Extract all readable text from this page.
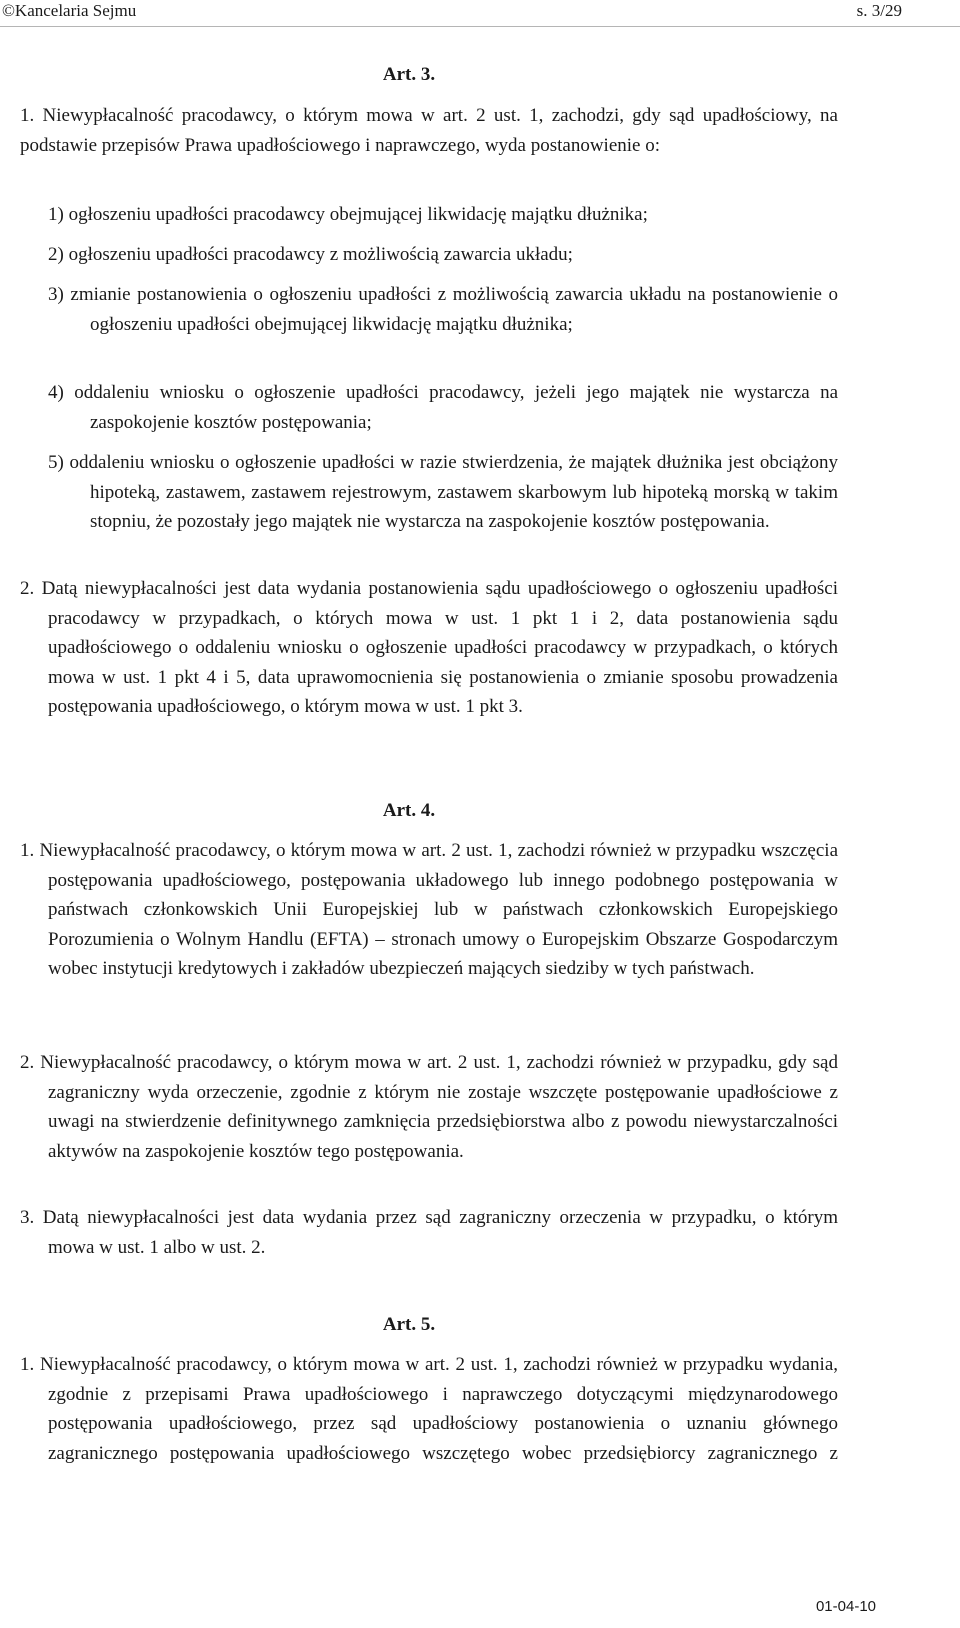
©Kancelaria Sejmu	s. 3/29
Art. 3.

1. Niewypłacalność pracodawcy, o którym mowa w art. 2 ust. 1, zachodzi, gdy sąd upadłościowy, na podstawie przepisów Prawa upadłościowego i naprawczego, wyda postanowienie o:

1) ogłoszeniu upadłości pracodawcy obejmującej likwidację majątku dłużnika;

2) ogłoszeniu upadłości pracodawcy z możliwością zawarcia układu;

3) zmianie postanowienia o ogłoszeniu upadłości z możliwością zawarcia układu na postanowienie o ogłoszeniu upadłości obejmującej likwidację majątku dłużnika;

4) oddaleniu wniosku o ogłoszenie upadłości pracodawcy, jeżeli jego majątek nie wystarcza na zaspokojenie kosztów postępowania;

5) oddaleniu wniosku o ogłoszenie upadłości w razie stwierdzenia, że majątek dłużnika jest obciążony hipoteką, zastawem, zastawem rejestrowym, zastawem skarbowym lub hipoteką morską w takim stopniu, że pozostały jego majątek nie wystarcza na zaspokojenie kosztów postępowania.

2. Datą niewypłacalności jest data wydania postanowienia sądu upadłościowego o ogłoszeniu upadłości pracodawcy w przypadkach, o których mowa w ust. 1 pkt 1 i 2, data postanowienia sądu upadłościowego o oddaleniu wniosku o ogłoszenie upadłości pracodawcy w przypadkach, o których mowa w ust. 1 pkt 4 i 5, data uprawomocnienia się postanowienia o zmianie sposobu prowadzenia postępowania upadłościowego, o którym mowa w ust. 1 pkt 3.

Art. 4.

1. Niewypłacalność pracodawcy, o którym mowa w art. 2 ust. 1, zachodzi również w przypadku wszczęcia postępowania upadłościowego, postępowania układowego lub innego podobnego postępowania w państwach członkowskich Unii Europejskiej lub w państwach członkowskich Europejskiego Porozumienia o Wolnym Handlu (EFTA) – stronach umowy o Europejskim Obszarze Gospodarczym wobec instytucji kredytowych i zakładów ubezpieczeń mających siedziby w tych państwach.

2. Niewypłacalność pracodawcy, o którym mowa w art. 2 ust. 1, zachodzi również w przypadku, gdy sąd zagraniczny wyda orzeczenie, zgodnie z którym nie zostaje wszczęte postępowanie upadłościowe z uwagi na stwierdzenie definitywnego zamknięcia przedsiębiorstwa albo z powodu niewystarczalności aktywów na zaspokojenie kosztów tego postępowania.

3. Datą niewypłacalności jest data wydania przez sąd zagraniczny orzeczenia w przypadku, o którym mowa w ust. 1 albo w ust. 2.

Art. 5.

1. Niewypłacalność pracodawcy, o którym mowa w art. 2 ust. 1, zachodzi również w przypadku wydania, zgodnie z przepisami Prawa upadłościowego i naprawczego dotyczącymi międzynarodowego postępowania upadłościowego, przez sąd upadłościowy postanowienia o uznaniu głównego zagranicznego postępowania upadłościowego wszczętego wobec przedsiębiorcy zagranicznego z

01-04-10
